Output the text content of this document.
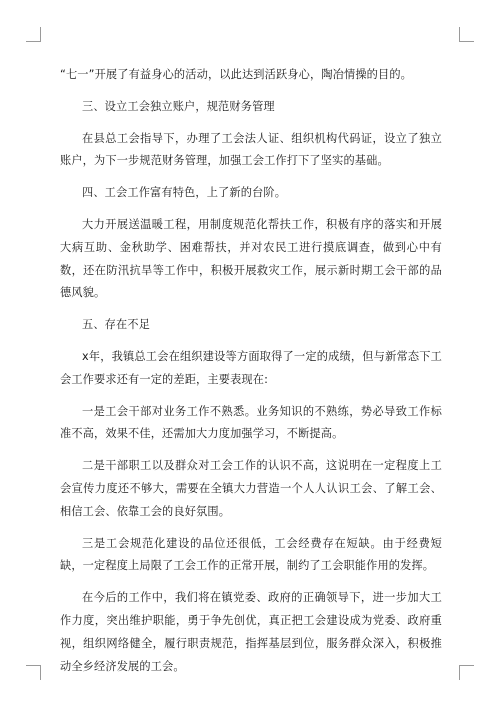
“七一”开展了有益身心的活动，以此达到活跃身心，陶冶情操的目的。

三、设立工会独立账户，规范财务管理

在县总工会指导下，办理了工会法人证、组织机构代码证，设立了独立账户，为下一步规范财务管理，加强工会工作打下了坚实的基础。

四、工会工作富有特色，上了新的台阶。

大力开展送温暖工程，用制度规范化帮扶工作，积极有序的落实和开展大病互助、金秋助学、困难帮扶，并对农民工进行摸底调查，做到心中有数，还在防汛抗旱等工作中，积极开展救灾工作，展示新时期工会干部的品德风貌。

五、存在不足

x年，我镇总工会在组织建设等方面取得了一定的成绩，但与新常态下工会工作要求还有一定的差距，主要表现在:

一是工会干部对业务工作不熟悉。业务知识的不熟练，势必导致工作标准不高，效果不佳，还需加大力度加强学习，不断提高。

二是干部职工以及群众对工会工作的认识不高，这说明在一定程度上工会宣传力度还不够大，需要在全镇大力营造一个人人认识工会、了解工会、相信工会、依靠工会的良好氛围。

三是工会规范化建设的品位还很低，工会经费存在短缺。由于经费短缺，一定程度上局限了工会工作的正常开展，制约了工会职能作用的发挥。

在今后的工作中，我们将在镇党委、政府的正确领导下，进一步加大工作力度，突出维护职能，勇于争先创优，真正把工会建设成为党委、政府重视，组织网络健全，履行职责规范，指挥基层到位，服务群众深入，积极推动全乡经济发展的工会。
